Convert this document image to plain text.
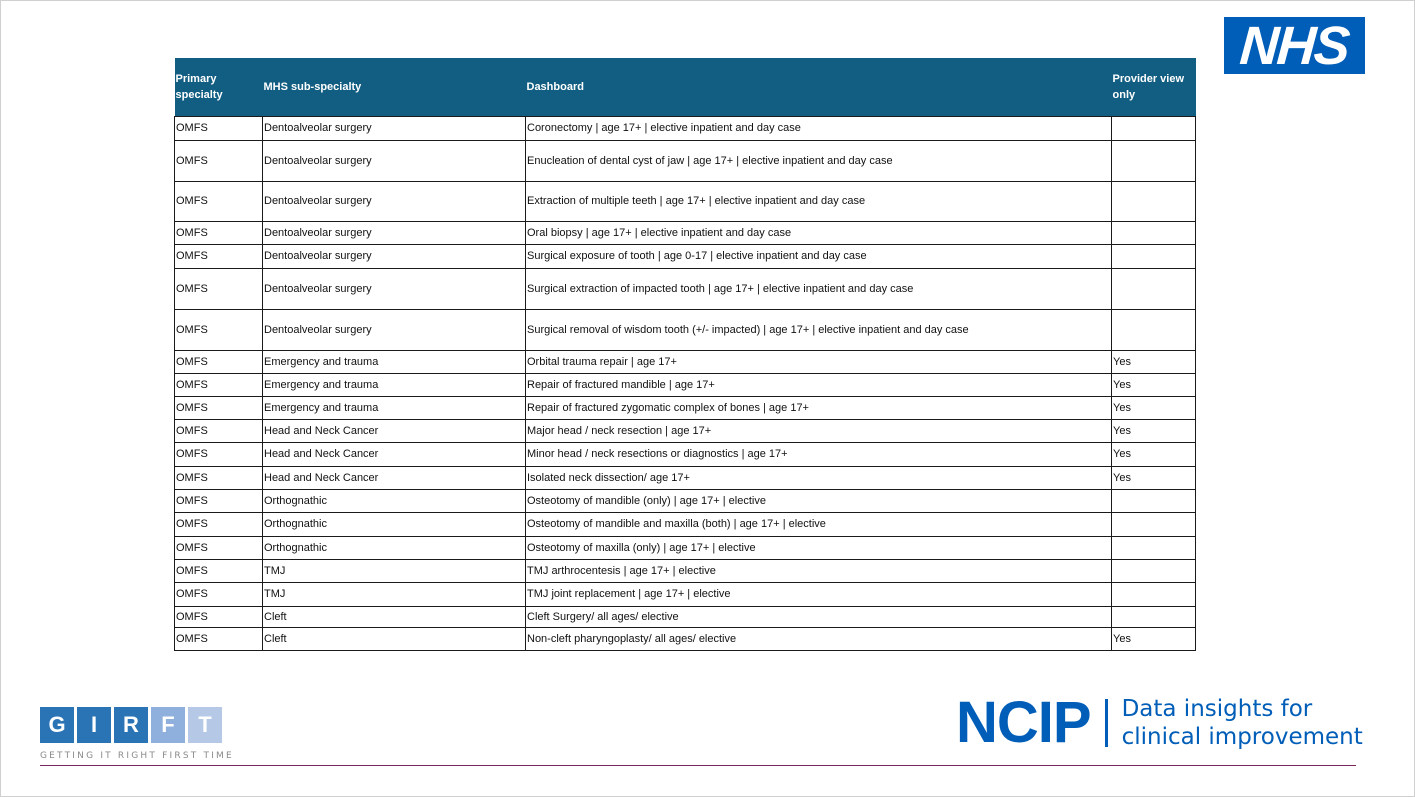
NHS
Primary specialty	MHS sub-specialty	Dashboard	Provider view only
OMFS	Dentoalveolar surgery	Coronectomy | age 17+ | elective inpatient and day case	
OMFS	Dentoalveolar surgery	Enucleation of dental cyst of jaw | age 17+ | elective inpatient and day case	
OMFS	Dentoalveolar surgery	Extraction of multiple teeth | age 17+ | elective inpatient and day case	
OMFS	Dentoalveolar surgery	Oral biopsy | age 17+ | elective inpatient and day case	
OMFS	Dentoalveolar surgery	Surgical exposure of tooth | age 0-17 | elective inpatient and day case	
OMFS	Dentoalveolar surgery	Surgical extraction of impacted tooth | age 17+ | elective inpatient and day case	
OMFS	Dentoalveolar surgery	Surgical removal of wisdom tooth (+/- impacted) | age 17+ | elective inpatient and day case	
OMFS	Emergency and trauma	Orbital trauma repair | age 17+	Yes
OMFS	Emergency and trauma	Repair of fractured mandible | age 17+	Yes
OMFS	Emergency and trauma	Repair of fractured zygomatic complex of bones | age 17+	Yes
OMFS	Head and Neck Cancer	Major head / neck resection | age 17+	Yes
OMFS	Head and Neck Cancer	Minor head / neck resections or diagnostics | age 17+	Yes
OMFS	Head and Neck Cancer	Isolated neck dissection/ age 17+	Yes
OMFS	Orthognathic	Osteotomy of mandible (only) | age 17+ | elective	
OMFS	Orthognathic	Osteotomy of mandible and maxilla (both) | age 17+ | elective	
OMFS	Orthognathic	Osteotomy of maxilla (only) | age 17+ | elective	
OMFS	TMJ	TMJ arthrocentesis | age 17+ | elective	
OMFS	TMJ	TMJ joint replacement | age 17+ | elective	
OMFS	Cleft	Cleft Surgery/ all ages/ elective	
OMFS	Cleft	Non-cleft pharyngoplasty/ all ages/ elective	Yes
G	I	R	F	T
GETTING IT RIGHT FIRST TIME
NCIP Data insights for
clinical improvement
